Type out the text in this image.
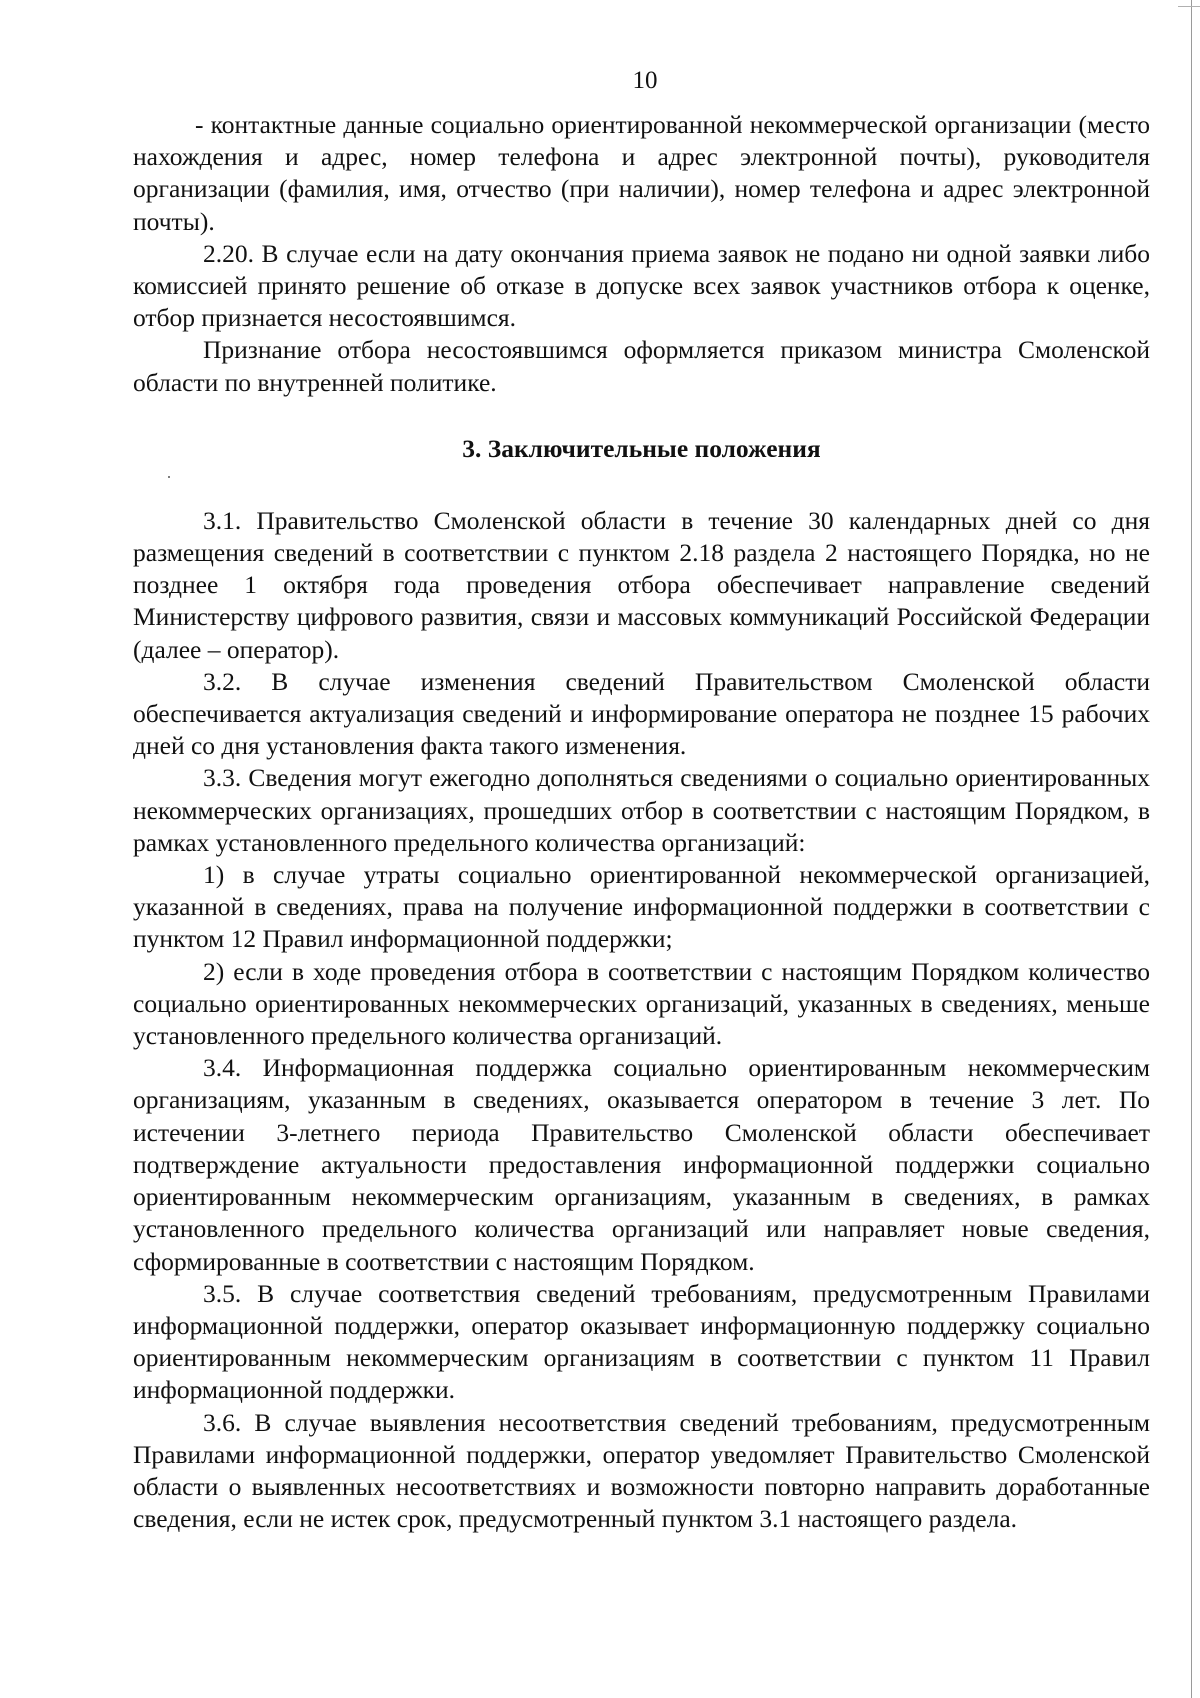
10

- контактные данные социально ориентированной некоммерческой организации (место нахождения и адрес, номер телефона и адрес электронной почты), руководителя организации (фамилия, имя, отчество (при наличии), номер телефона и адрес электронной почты).

2.20. В случае если на дату окончания приема заявок не подано ни одной заявки либо комиссией принято решение об отказе в допуске всех заявок участников отбора к оценке, отбор признается несостоявшимся.

Признание отбора несостоявшимся оформляется приказом министра Смоленской области по внутренней политике.

3. Заключительные положения

3.1. Правительство Смоленской области в течение 30 календарных дней со дня размещения сведений в соответствии с пунктом 2.18 раздела 2 настоящего Порядка, но не позднее 1 октября года проведения отбора обеспечивает направление сведений Министерству цифрового развития, связи и массовых коммуникаций Российской Федерации (далее – оператор).

3.2. В случае изменения сведений Правительством Смоленской области обеспечивается актуализация сведений и информирование оператора не позднее 15 рабочих дней со дня установления факта такого изменения.

3.3. Сведения могут ежегодно дополняться сведениями о социально ориентированных некоммерческих организациях, прошедших отбор в соответствии с настоящим Порядком, в рамках установленного предельного количества организаций:

1) в случае утраты социально ориентированной некоммерческой организацией, указанной в сведениях, права на получение информационной поддержки в соответствии с пунктом 12 Правил информационной поддержки;

2) если в ходе проведения отбора в соответствии с настоящим Порядком количество социально ориентированных некоммерческих организаций, указанных в сведениях, меньше установленного предельного количества организаций.

3.4. Информационная поддержка социально ориентированным некоммерческим организациям, указанным в сведениях, оказывается оператором в течение 3 лет. По истечении 3-летнего периода Правительство Смоленской области обеспечивает подтверждение актуальности предоставления информационной поддержки социально ориентированным некоммерческим организациям, указанным в сведениях, в рамках установленного предельного количества организаций или направляет новые сведения, сформированные в соответствии с настоящим Порядком.

3.5. В случае соответствия сведений требованиям, предусмотренным Правилами информационной поддержки, оператор оказывает информационную поддержку социально ориентированным некоммерческим организациям в соответствии с пунктом 11 Правил информационной поддержки.

3.6. В случае выявления несоответствия сведений требованиям, предусмотренным Правилами информационной поддержки, оператор уведомляет Правительство Смоленской области о выявленных несоответствиях и возможности повторно направить доработанные сведения, если не истек срок, предусмотренный пунктом 3.1 настоящего раздела.
